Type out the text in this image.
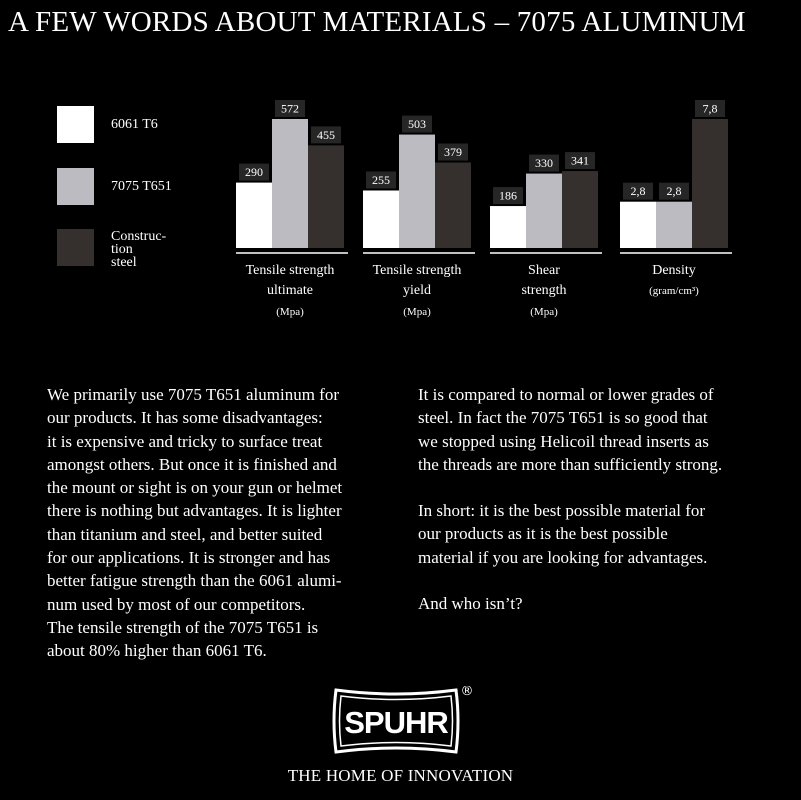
A FEW WORDS ABOUT MATERIALS – 7075 ALUMINUM
6061 T6
7075 T651
Construc-
tion
steel
290
572
455
Tensile strength
ultimate
(Mpa)
255
503
379
Tensile strength
yield
(Mpa)
186
330 341
Shear
strength
(Mpa)
2,8 2,8
7,8
Density
(gram/cm³)
We primarily use 7075 T651 aluminum for
our products. It has some disadvantages:
it is expensive and tricky to surface treat
amongst others. But once it is finished and
the mount or sight is on your gun or helmet
there is nothing but advantages. It is lighter
than titanium and steel, and better suited
for our applications. It is stronger and has
better fatigue strength than the 6061 alumi-
num used by most of our competitors.
The tensile strength of the 7075 T651 is
about 80% higher than 6061 T6.

It is compared to normal or lower grades of
steel. In fact the 7075 T651 is so good that
we stopped using Helicoil thread inserts as
the threads are more than sufficiently strong.

In short: it is the best possible material for
our products as it is the best possible
material if you are looking for advantages.

And who isn’t?

SPUHR
®
THE HOME OF INNOVATION
